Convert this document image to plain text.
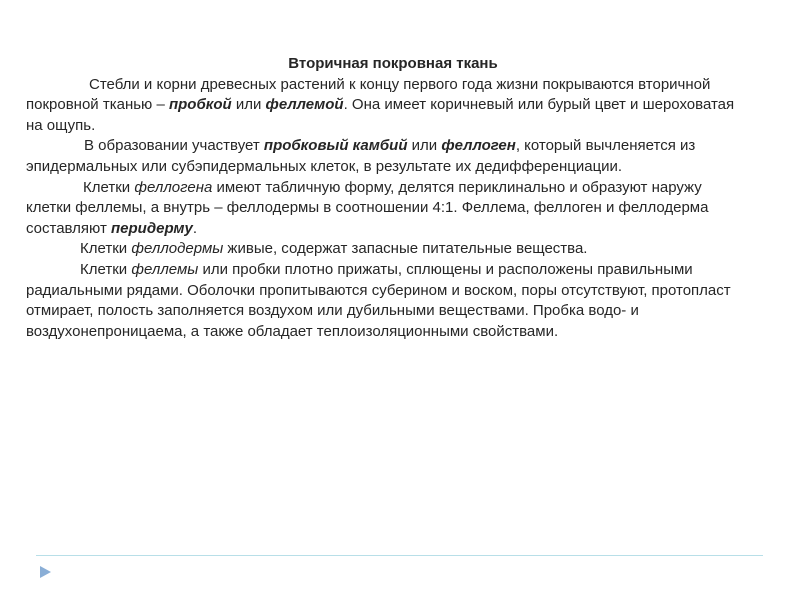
Вторичная покровная ткань

Стебли и корни древесных растений к концу первого года жизни покрываются вторичной покровной тканью – пробкой или феллемой. Она имеет коричневый или бурый цвет и шероховатая на ощупь.

В образовании участвует пробковый камбий или феллоген, который вычленяется из эпидермальных или субэпидермальных клеток, в результате их дедифференциации.

Клетки феллогена имеют табличную форму, делятся периклинально и образуют наружу клетки феллемы, а внутрь – феллодермы в соотношении 4:1. Феллема, феллоген и феллодерма составляют перидерму.

Клетки феллодермы живые, содержат запасные питательные вещества.

Клетки феллемы или пробки плотно прижаты, сплющены и расположены правильными радиальными рядами. Оболочки пропитываются суберином и воском, поры отсутствуют, протопласт отмирает, полость заполняется воздухом или дубильными веществами. Пробка водо- и воздухонепроницаема, а также обладает теплоизоляционными свойствами.
